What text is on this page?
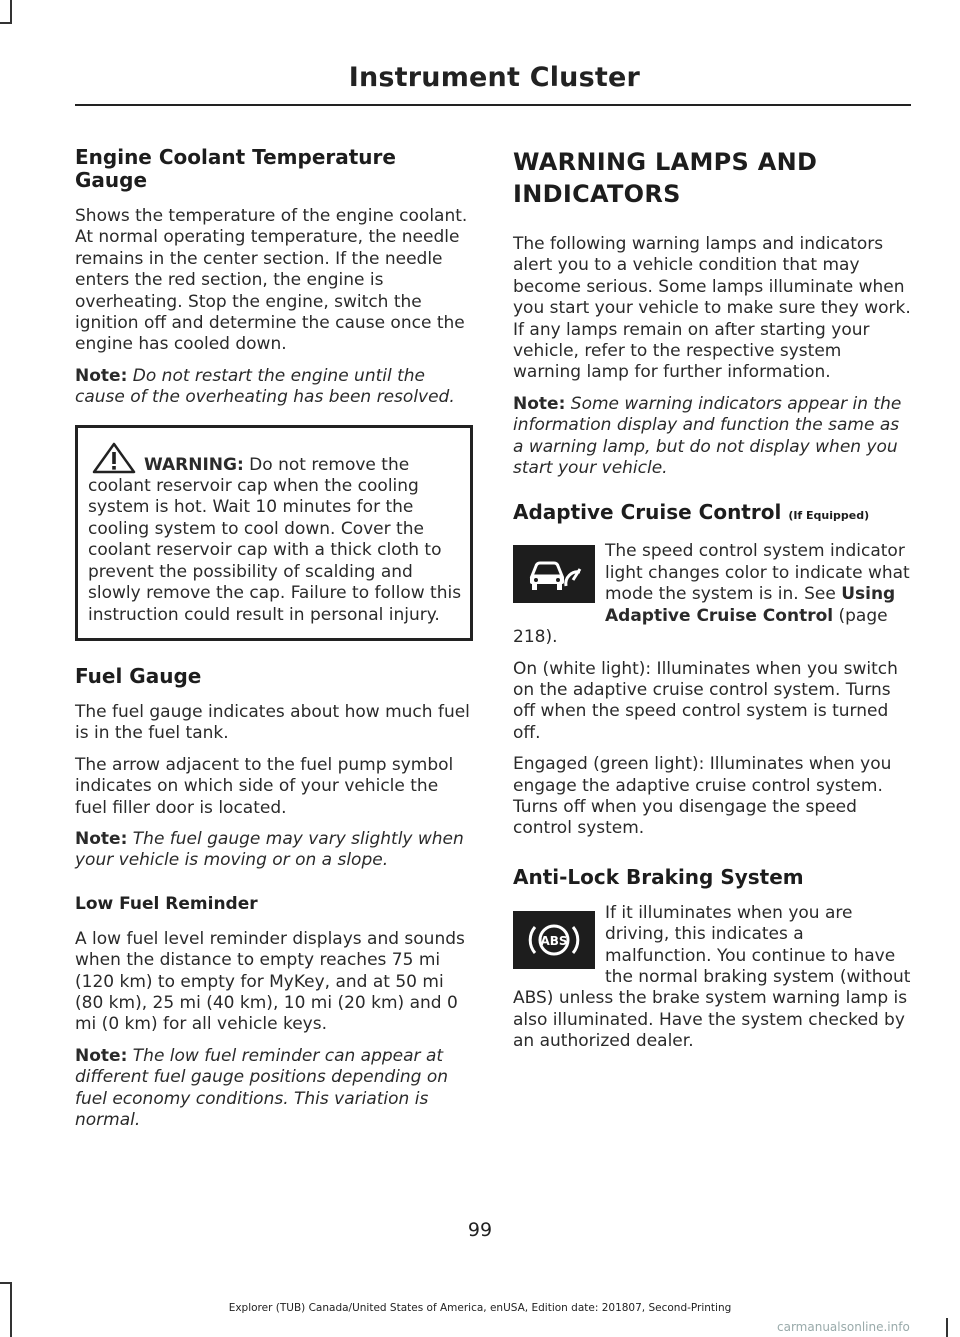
Instrument Cluster
Engine Coolant Temperature
Gauge

Shows the temperature of the engine coolant. At normal operating temperature, the needle remains in the center section. If the needle enters the red section, the engine is overheating. Stop the engine, switch the ignition off and determine the cause once the engine has cooled down.

Note: Do not restart the engine until the cause of the overheating has been resolved.

WARNING: Do not remove the coolant reservoir cap when the cooling system is hot. Wait 10 minutes for the cooling system to cool down. Cover the coolant reservoir cap with a thick cloth to prevent the possibility of scalding and slowly remove the cap. Failure to follow this instruction could result in personal injury.

Fuel Gauge

The fuel gauge indicates about how much fuel is in the fuel tank.

The arrow adjacent to the fuel pump symbol indicates on which side of your vehicle the fuel filler door is located.

Note: The fuel gauge may vary slightly when your vehicle is moving or on a slope.

Low Fuel Reminder

A low fuel level reminder displays and sounds when the distance to empty reaches 75 mi (120 km) to empty for MyKey, and at 50 mi (80 km), 25 mi (40 km), 10 mi (20 km) and 0 mi (0 km) for all vehicle keys.

Note: The low fuel reminder can appear at different fuel gauge positions depending on fuel economy conditions. This variation is normal.

WARNING LAMPS AND
INDICATORS

The following warning lamps and indicators alert you to a vehicle condition that may become serious. Some lamps illuminate when you start your vehicle to make sure they work. If any lamps remain on after starting your vehicle, refer to the respective system warning lamp for further information.

Note: Some warning indicators appear in the information display and function the same as a warning lamp, but do not display when you start your vehicle.

Adaptive Cruise Control (If Equipped)

The speed control system indicator light changes color to indicate what mode the system is in. See Using Adaptive Cruise Control (page 218).

On (white light): Illuminates when you switch on the adaptive cruise control system. Turns off when the speed control system is turned off.

Engaged (green light): Illuminates when you engage the adaptive cruise control system. Turns off when you disengage the speed control system.

Anti-Lock Braking System
ABS

If it illuminates when you are driving, this indicates a malfunction. You continue to have the normal braking system (without ABS) unless the brake system warning lamp is also illuminated. Have the system checked by an authorized dealer.

99
Explorer (TUB) Canada/United States of America, enUSA, Edition date: 201807, Second-Printing
carmanualsonline.info
